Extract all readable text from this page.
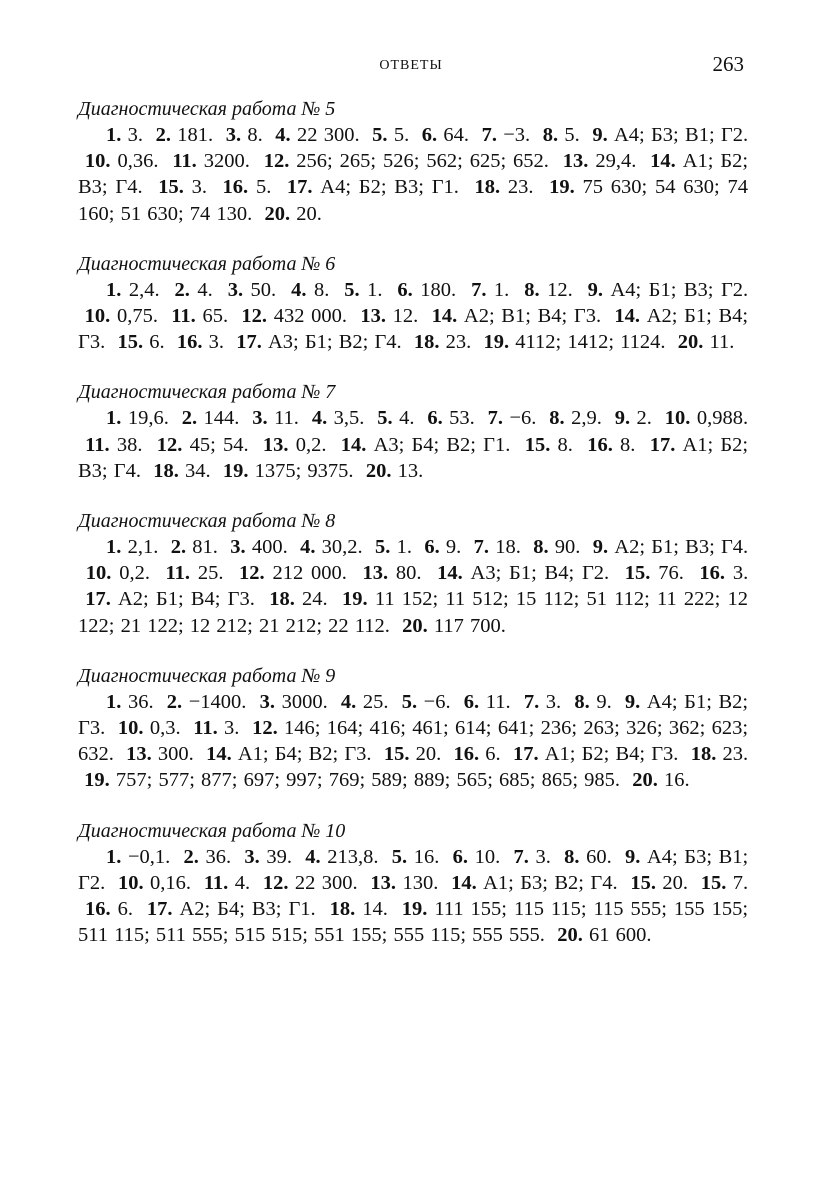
ОТВЕТЫ	263
Диагностическая работа № 5
1. 3. 2. 181. 3. 8. 4. 22 300. 5. 5. 6. 64. 7. −3. 8. 5. 9. А4; Б3; В1; Г2.  10. 0,36. 11. 3200. 12. 256; 265; 526; 562; 625; 652. 13. 29,4. 14. А1; Б2; В3; Г4. 15. 3. 16. 5. 17. А4; Б2; В3; Г1. 18. 23. 19. 75 630; 54 630; 74 160; 51 630; 74 130. 20. 20.
Диагностическая работа № 6
1. 2,4. 2. 4. 3. 50. 4. 8. 5. 1. 6. 180. 7. 1. 8. 12. 9. А4; Б1; В3; Г2.  10. 0,75. 11. 65. 12. 432 000. 13. 12. 14. А2; В1; В4; Г3. 14. А2; Б1; В4; Г3. 15. 6. 16. 3. 17. А3; Б1; В2; Г4. 18. 23. 19. 4112; 1412; 1124. 20. 11.
Диагностическая работа № 7
1. 19,6. 2. 144. 3. 11. 4. 3,5. 5. 4. 6. 53. 7. −6. 8. 2,9. 9. 2. 10. 0,988.  11. 38. 12. 45; 54. 13. 0,2. 14. А3; Б4; В2; Г1. 15. 8. 16. 8. 17. А1; Б2; В3; Г4. 18. 34. 19. 1375; 9375. 20. 13.
Диагностическая работа № 8
1. 2,1. 2. 81. 3. 400. 4. 30,2. 5. 1. 6. 9. 7. 18. 8. 90. 9. А2; Б1; В3; Г4.  10. 0,2. 11. 25. 12. 212 000. 13. 80. 14. А3; Б1; В4; Г2. 15. 76. 16. 3.  17. А2; Б1; В4; Г3. 18. 24. 19. 11 152; 11 512; 15 112; 51 112; 11 222; 12 122; 21 122; 12 212; 21 212; 22 112. 20. 117 700.
Диагностическая работа № 9
1. 36. 2. −1400. 3. 3000. 4. 25. 5. −6. 6. 11. 7. 3. 8. 9. 9. А4; Б1; В2; Г3. 10. 0,3. 11. 3. 12. 146; 164; 416; 461; 614; 641; 236; 263; 326; 362; 623; 632. 13. 300. 14. А1; Б4; В2; Г3. 15. 20. 16. 6. 17. А1; Б2; В4; Г3. 18. 23.  19. 757; 577; 877; 697; 997; 769; 589; 889; 565; 685; 865; 985. 20. 16.
Диагностическая работа № 10
1. −0,1. 2. 36. 3. 39. 4. 213,8. 5. 16. 6. 10. 7. 3. 8. 60. 9. А4; Б3; В1; Г2. 10. 0,16. 11. 4. 12. 22 300. 13. 130. 14. А1; Б3; В2; Г4. 15. 20. 15. 7.  16. 6. 17. А2; Б4; В3; Г1. 18. 14. 19. 111 155; 115 115; 115 555; 155 155; 511 115; 511 555; 515 515; 551 155; 555 115; 555 555. 20. 61 600.
